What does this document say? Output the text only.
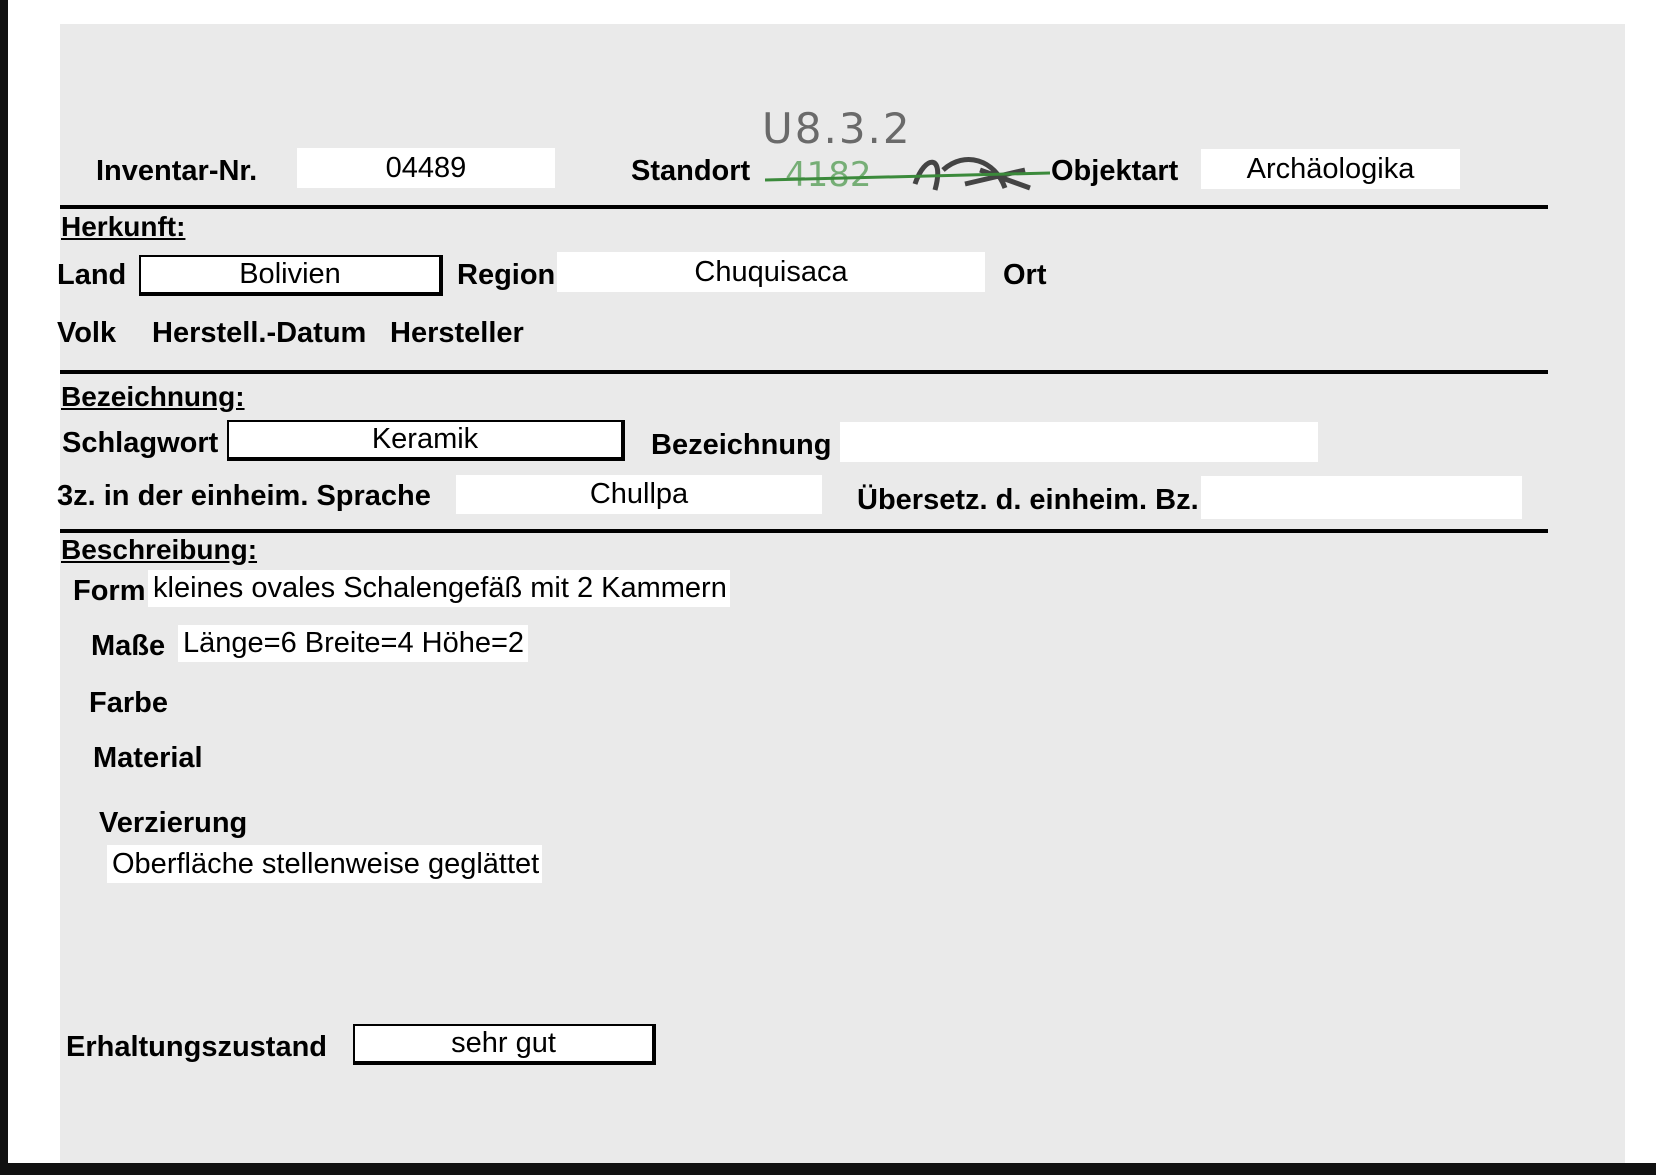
Inventar-Nr.	04489	Standort
U8.3.2
4182	Objektart	Archäologika
Herkunft:
Land	Bolivien	Region	Chuquisaca	Ort
Volk Herstell.-Datum Hersteller
Bezeichnung:
Schlagwort	Keramik	Bezeichnung
3z. in der einheim. Sprache	Chullpa	Übersetz. d. einheim. Bz.
Beschreibung:
Form kleines ovales Schalengefäß mit 2 Kammern
Maße Länge=6 Breite=4 Höhe=2
Farbe
Material
Verzierung
Oberfläche stellenweise geglättet
Erhaltungszustand	sehr gut
